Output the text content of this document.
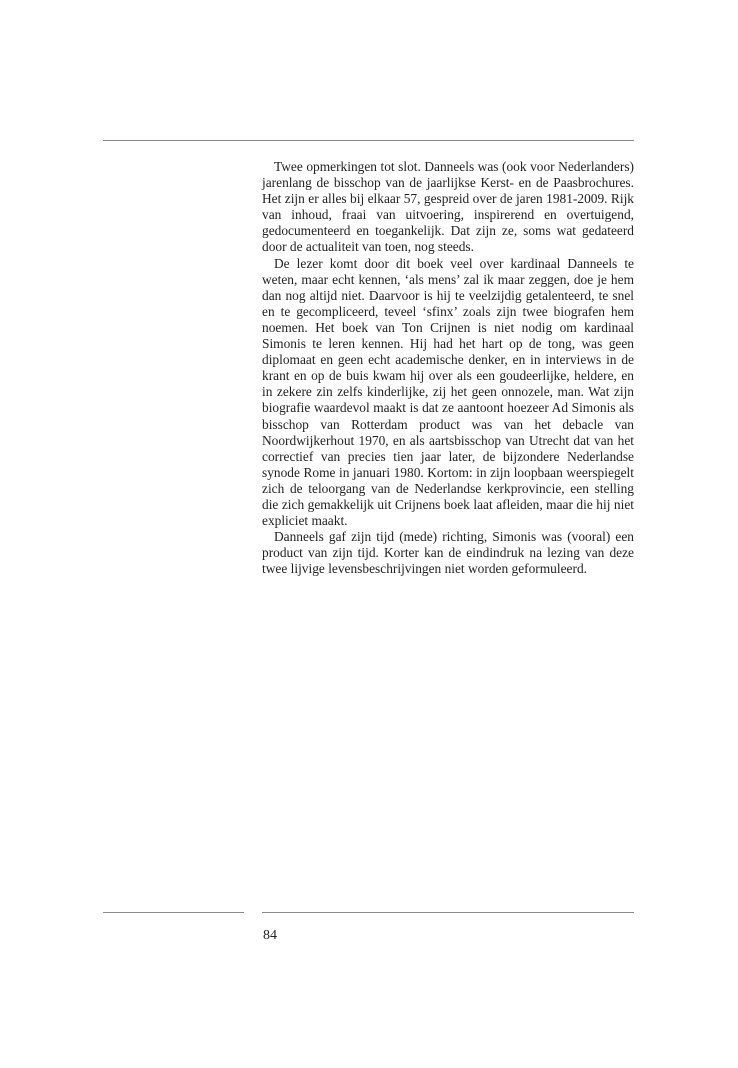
Twee opmerkingen tot slot. Danneels was (ook voor Nederlanders) jarenlang de bisschop van de jaarlijkse Kerst- en de Paasbrochures. Het zijn er alles bij elkaar 57, gespreid over de jaren 1981-2009. Rijk van inhoud, fraai van uitvoering, inspirerend en overtuigend, gedocumenteerd en toegankelijk. Dat zijn ze, soms wat gedateerd door de actualiteit van toen, nog steeds.

De lezer komt door dit boek veel over kardinaal Danneels te weten, maar echt kennen, ‘als mens’ zal ik maar zeggen, doe je hem dan nog altijd niet. Daarvoor is hij te veelzijdig getalenteerd, te snel en te gecompliceerd, teveel ‘sfinx’ zoals zijn twee biografen hem noemen. Het boek van Ton Crijnen is niet nodig om kardinaal Simonis te leren kennen. Hij had het hart op de tong, was geen diplomaat en geen echt academische denker, en in interviews in de krant en op de buis kwam hij over als een goudeerlijke, heldere, en in zekere zin zelfs kinderlijke, zij het geen onnozele, man. Wat zijn biografie waardevol maakt is dat ze aantoont hoezeer Ad Simonis als bisschop van Rotterdam product was van het debacle van Noordwijkerhout 1970, en als aartsbisschop van Utrecht dat van het correctief van precies tien jaar later, de bijzondere Nederlandse synode Rome in januari 1980. Kortom: in zijn loopbaan weerspiegelt zich de teloorgang van de Nederlandse kerkprovincie, een stelling die zich gemakkelijk uit Crijnens boek laat afleiden, maar die hij niet expliciet maakt.

Danneels gaf zijn tijd (mede) richting, Simonis was (vooral) een product van zijn tijd. Korter kan de eindindruk na lezing van deze twee lijvige levensbeschrijvingen niet worden geformuleerd.

84
